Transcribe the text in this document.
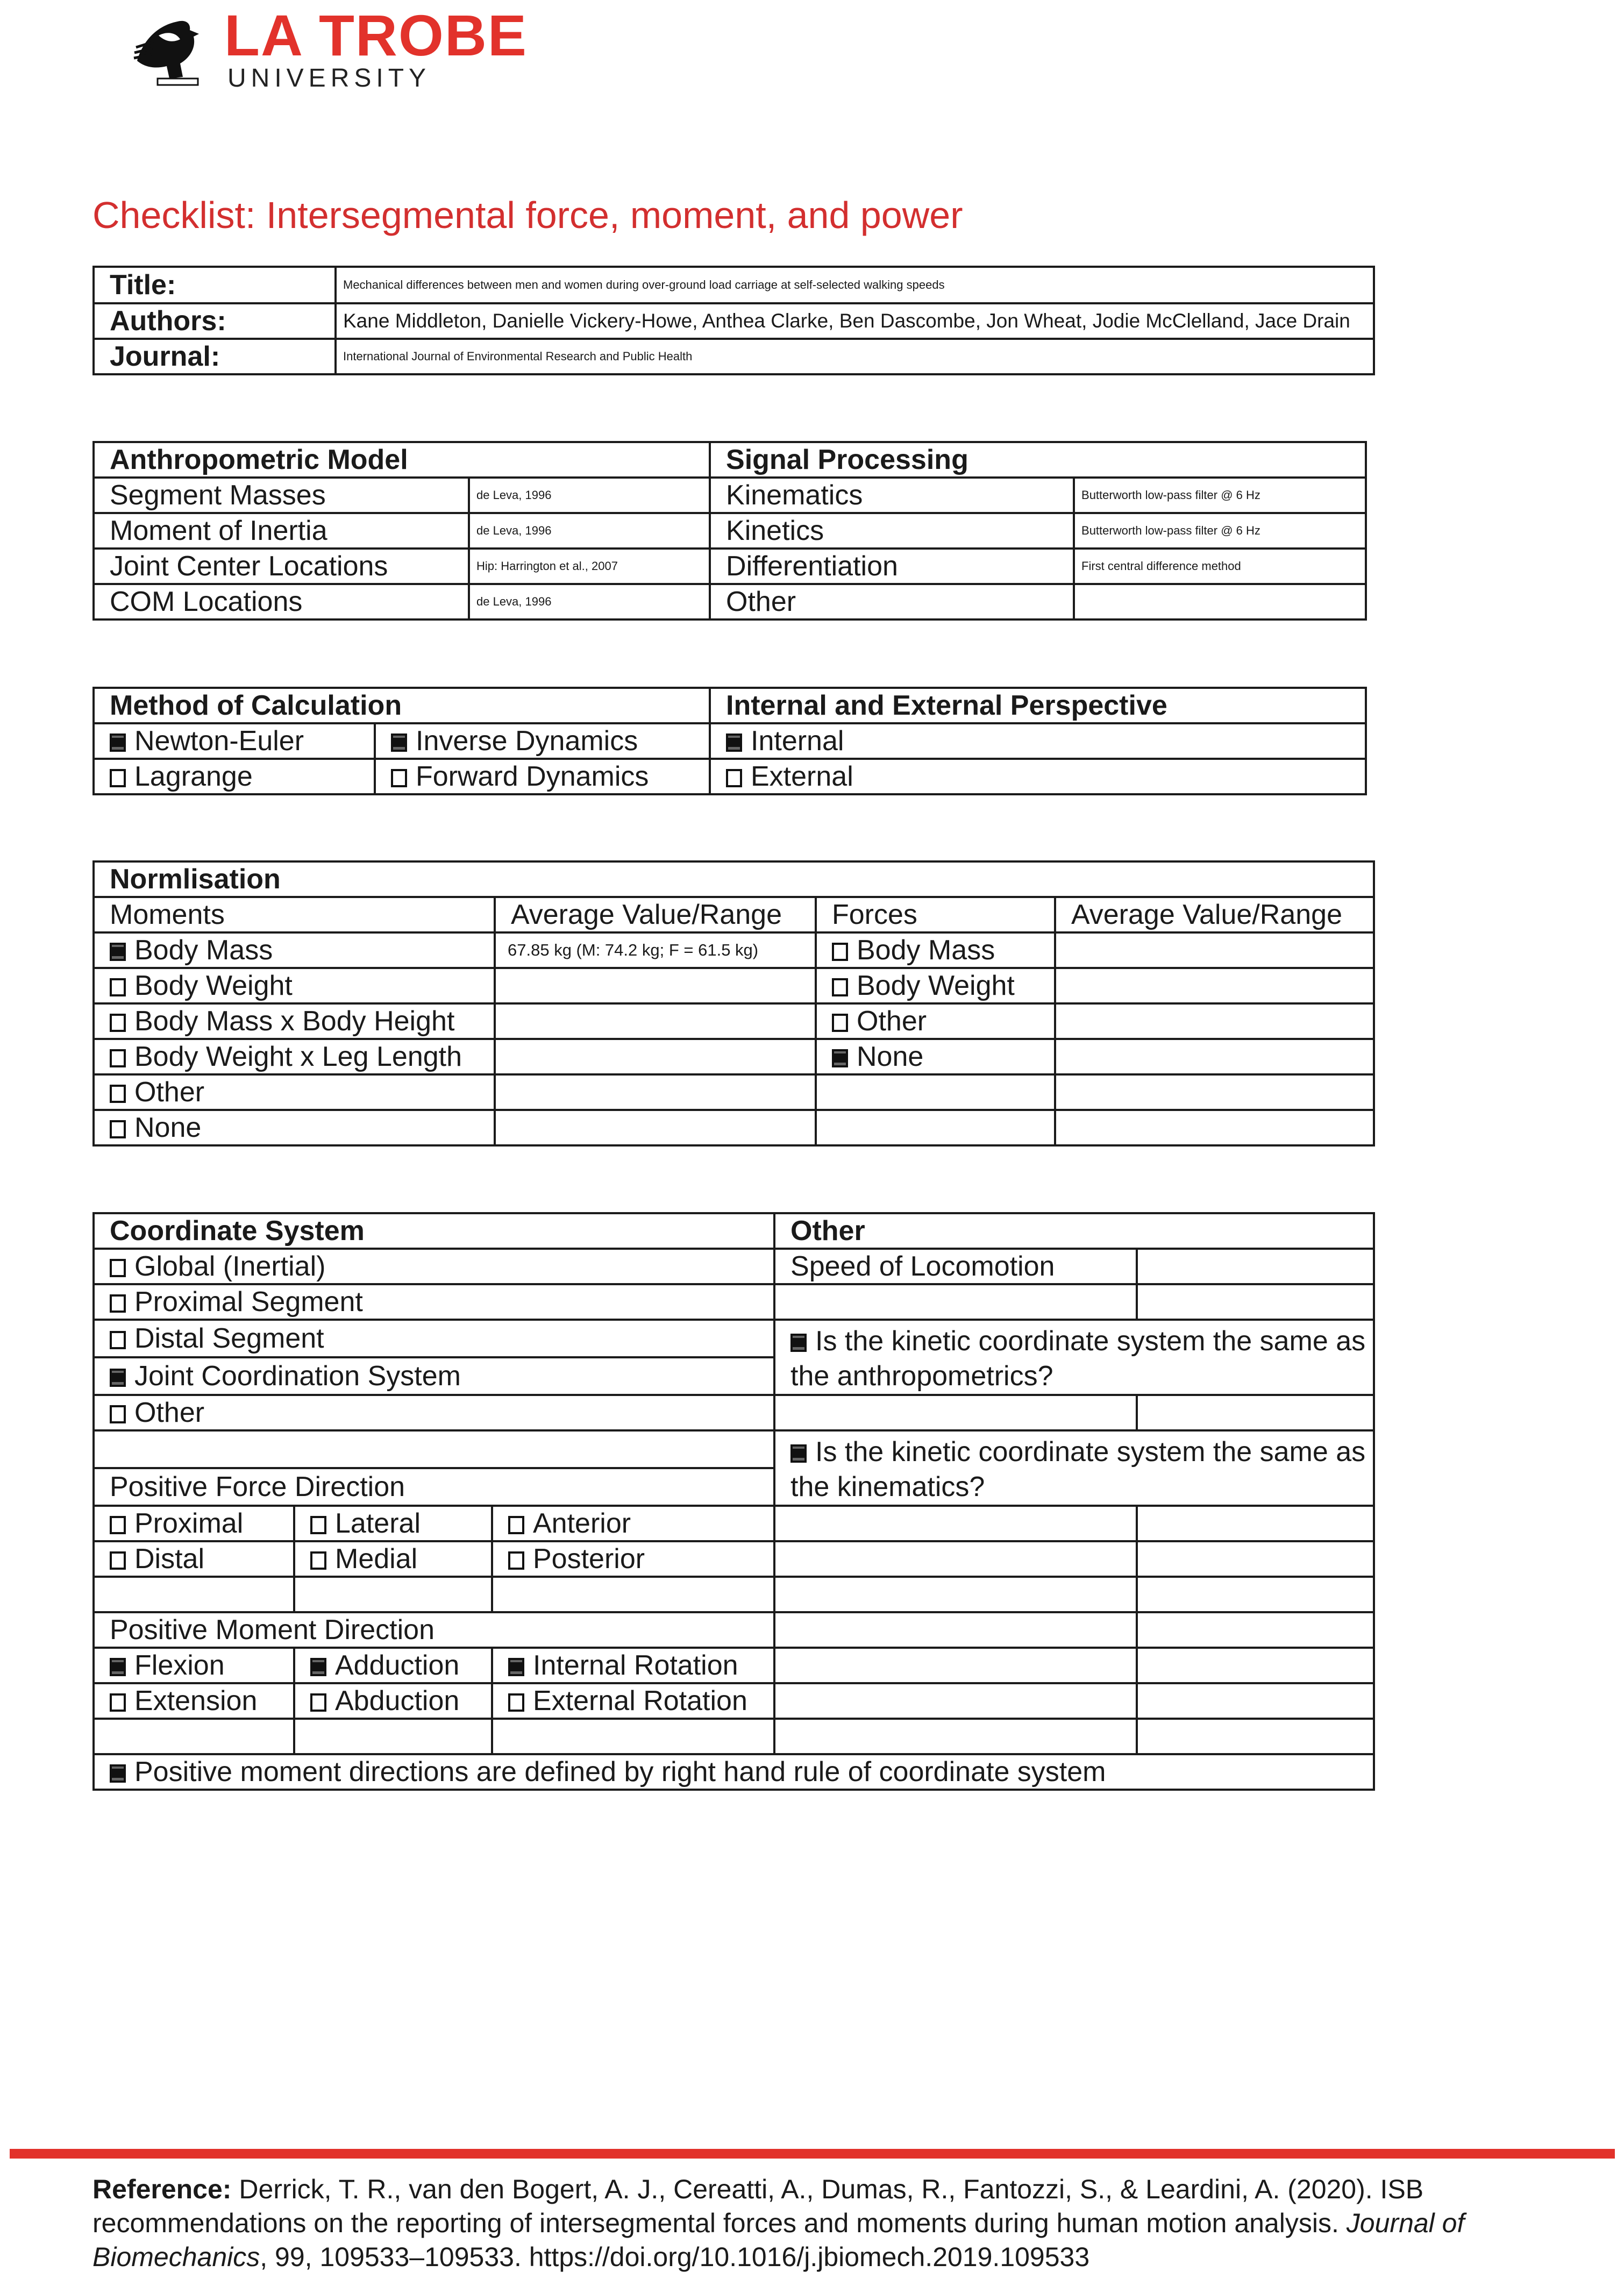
LA TROBE
UNIVERSITY
Checklist: Intersegmental force, moment, and power
Title:	Mechanical differences between men and women during over-ground load carriage at self-selected walking speeds
Authors:	Kane Middleton, Danielle Vickery-Howe, Anthea Clarke, Ben Dascombe, Jon Wheat, Jodie McClelland, Jace Drain
Journal:	International Journal of Environmental Research and Public Health
Anthropometric Model		Signal Processing	
Segment Masses	de Leva, 1996	Kinematics	Butterworth low-pass filter @ 6 Hz
Moment of Inertia	de Leva, 1996	Kinetics	Butterworth low-pass filter @ 6 Hz
Joint Center Locations	Hip: Harrington et al., 2007	Differentiation	First central difference method
COM Locations	de Leva, 1996	Other	
Method of Calculation		Internal and External Perspective
Newton-Euler	Inverse Dynamics	Internal
Lagrange	Forward Dynamics	External
Normlisation			
Moments	Average Value/Range	Forces	Average Value/Range
Body Mass	67.85 kg (M: 74.2 kg; F = 61.5 kg)	Body Mass	
Body Weight		Body Weight	
Body Mass x Body Height		Other	
Body Weight x Leg Length		None	
Other			
None			
Coordinate System			Other	
Global (Inertial)			Speed of Locomotion	
Proximal Segment				
Distal Segment			Is the kinetic coordinate system the same as the anthropometrics?	
Joint Coordination System				
Other				
			Is the kinetic coordinate system the same as the kinematics?	
Positive Force Direction				
Proximal	Lateral	Anterior		
Distal	Medial	Posterior		

Positive Moment Direction				
Flexion	Adduction	Internal Rotation		
Extension	Abduction	External Rotation		

Positive moment directions are defined by right hand rule of coordinate system				
Reference: Derrick, T. R., van den Bogert, A. J., Cereatti, A., Dumas, R., Fantozzi, S., & Leardini, A. (2020). ISB recommendations on the reporting of intersegmental forces and moments during human motion analysis. Journal of Biomechanics, 99, 109533–109533. https://doi.org/10.1016/j.jbiomech.2019.109533
